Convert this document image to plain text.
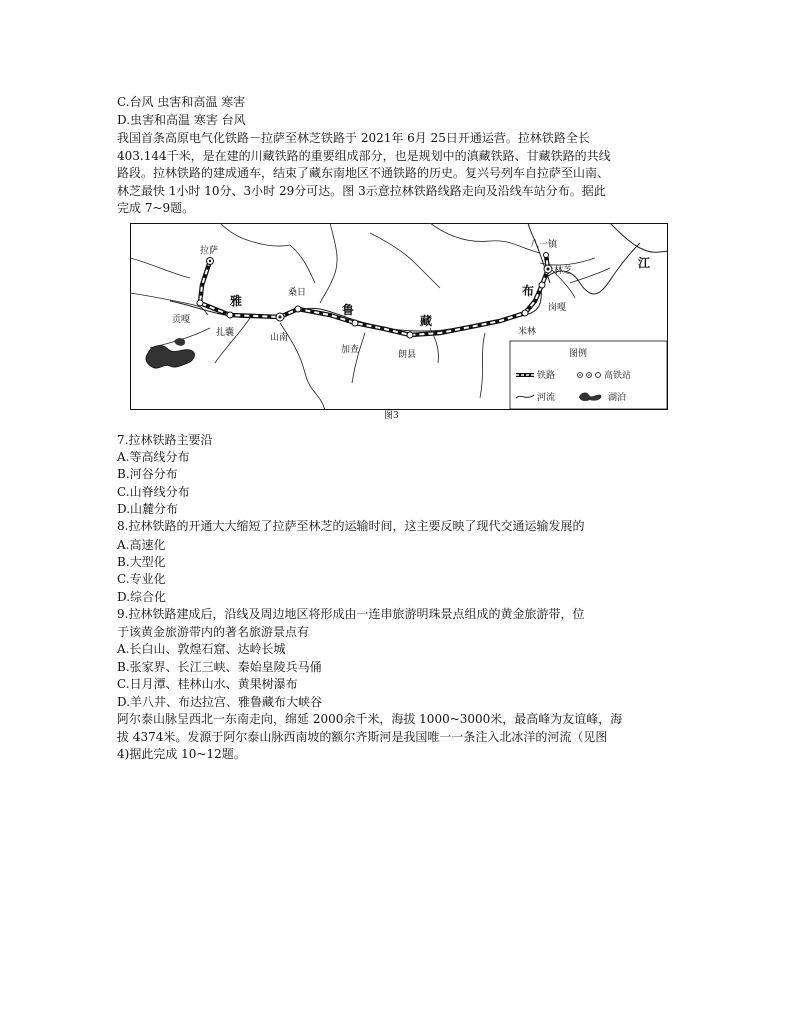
C.台风 虫害和高温 寒害
D.虫害和高温 寒害 台风
我国首条高原电气化铁路－拉萨至林芝铁路于 2021年 6月 25日开通运营。拉林铁路全长
403.144千米，是在建的川藏铁路的重要组成部分，也是规划中的滇藏铁路、甘藏铁路的共线
路段。拉林铁路的建成通车，结束了藏东南地区不通铁路的历史。复兴号列车自拉萨至山南、
林芝最快 1小时 10分、3小时 29分可达。图 3示意拉林铁路线路走向及沿线车站分布。据此
完成 7~9题。
拉萨
贡嘎
扎囊
桑日
山南
加查	朗县
米林
岗嘎
林芝
八一镇
雅
鲁
藏
布
江
图例
铁路	高铁站
河流	湖泊
图3
7.拉林铁路主要沿
A.等高线分布
B.河谷分布
C.山脊线分布
D.山麓分布
8.拉林铁路的开通大大缩短了拉萨至林芝的运输时间，这主要反映了现代交通运输发展的
A.高速化
B.大型化
C.专业化
D.综合化
9.拉林铁路建成后，沿线及周边地区将形成由一连串旅游明珠景点组成的黄金旅游带，位
于该黄金旅游带内的著名旅游景点有
A.长白山、敦煌石窟、达岭长城
B.张家界、长江三峡、秦始皇陵兵马俑
C.日月潭、桂林山水、黄果树瀑布
D.羊八井、布达拉宫、雅鲁藏布大峡谷
阿尔泰山脉呈西北一东南走向，绵延 2000余千米，海拔 1000~3000米，最高峰为友谊峰，海
拔 4374米。发源于阿尔泰山脉西南坡的额尔齐斯河是我国唯一一条注入北冰洋的河流（见图
4)据此完成 10~12题。
